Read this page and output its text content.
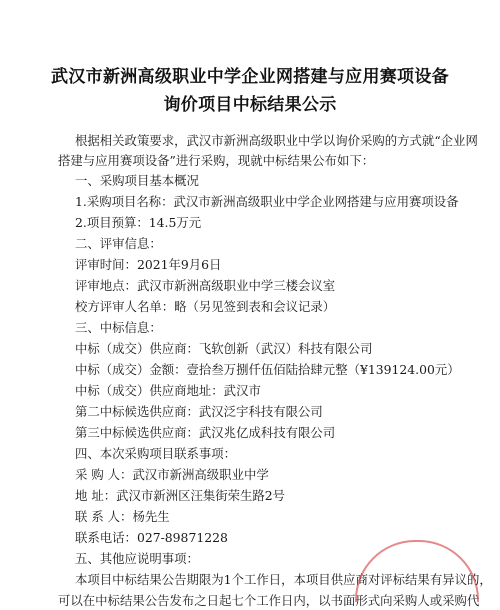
武汉市新洲高级职业中学企业网搭建与应用赛项设备
询价项目中标结果公示
根据相关政策要求，武汉市新洲高级职业中学以询价采购的方式就“企业网
搭建与应用赛项设备”进行采购，现就中标结果公布如下：
一、采购项目基本概况
1.采购项目名称：武汉市新洲高级职业中学企业网搭建与应用赛项设备
2.项目预算：14.5万元
二、评审信息：
评审时间：2021年9月6日
评审地点：武汉市新洲高级职业中学三楼会议室
校方评审人名单：略（另见签到表和会议记录）
三、中标信息：
中标（成交）供应商：飞软创新（武汉）科技有限公司
中标（成交）金额：壹拾叁万捌仟伍佰陆拾肆元整（¥139124.00元）
中标（成交）供应商地址：武汉市
第二中标候选供应商：武汉泛宇科技有限公司
第三中标候选供应商：武汉兆亿成科技有限公司
四、本次采购项目联系事项：
采 购 人：武汉市新洲高级职业中学
地 址：武汉市新洲区汪集街荣生路2号
联 系 人：杨先生
联系电话：027-89871228
五、其他应说明事项：
本项目中标结果公告期限为1个工作日，本项目供应商对评标结果有异议的，
可以在中标结果公告发布之日起七个工作日内，以书面形式向采购人或采购代
